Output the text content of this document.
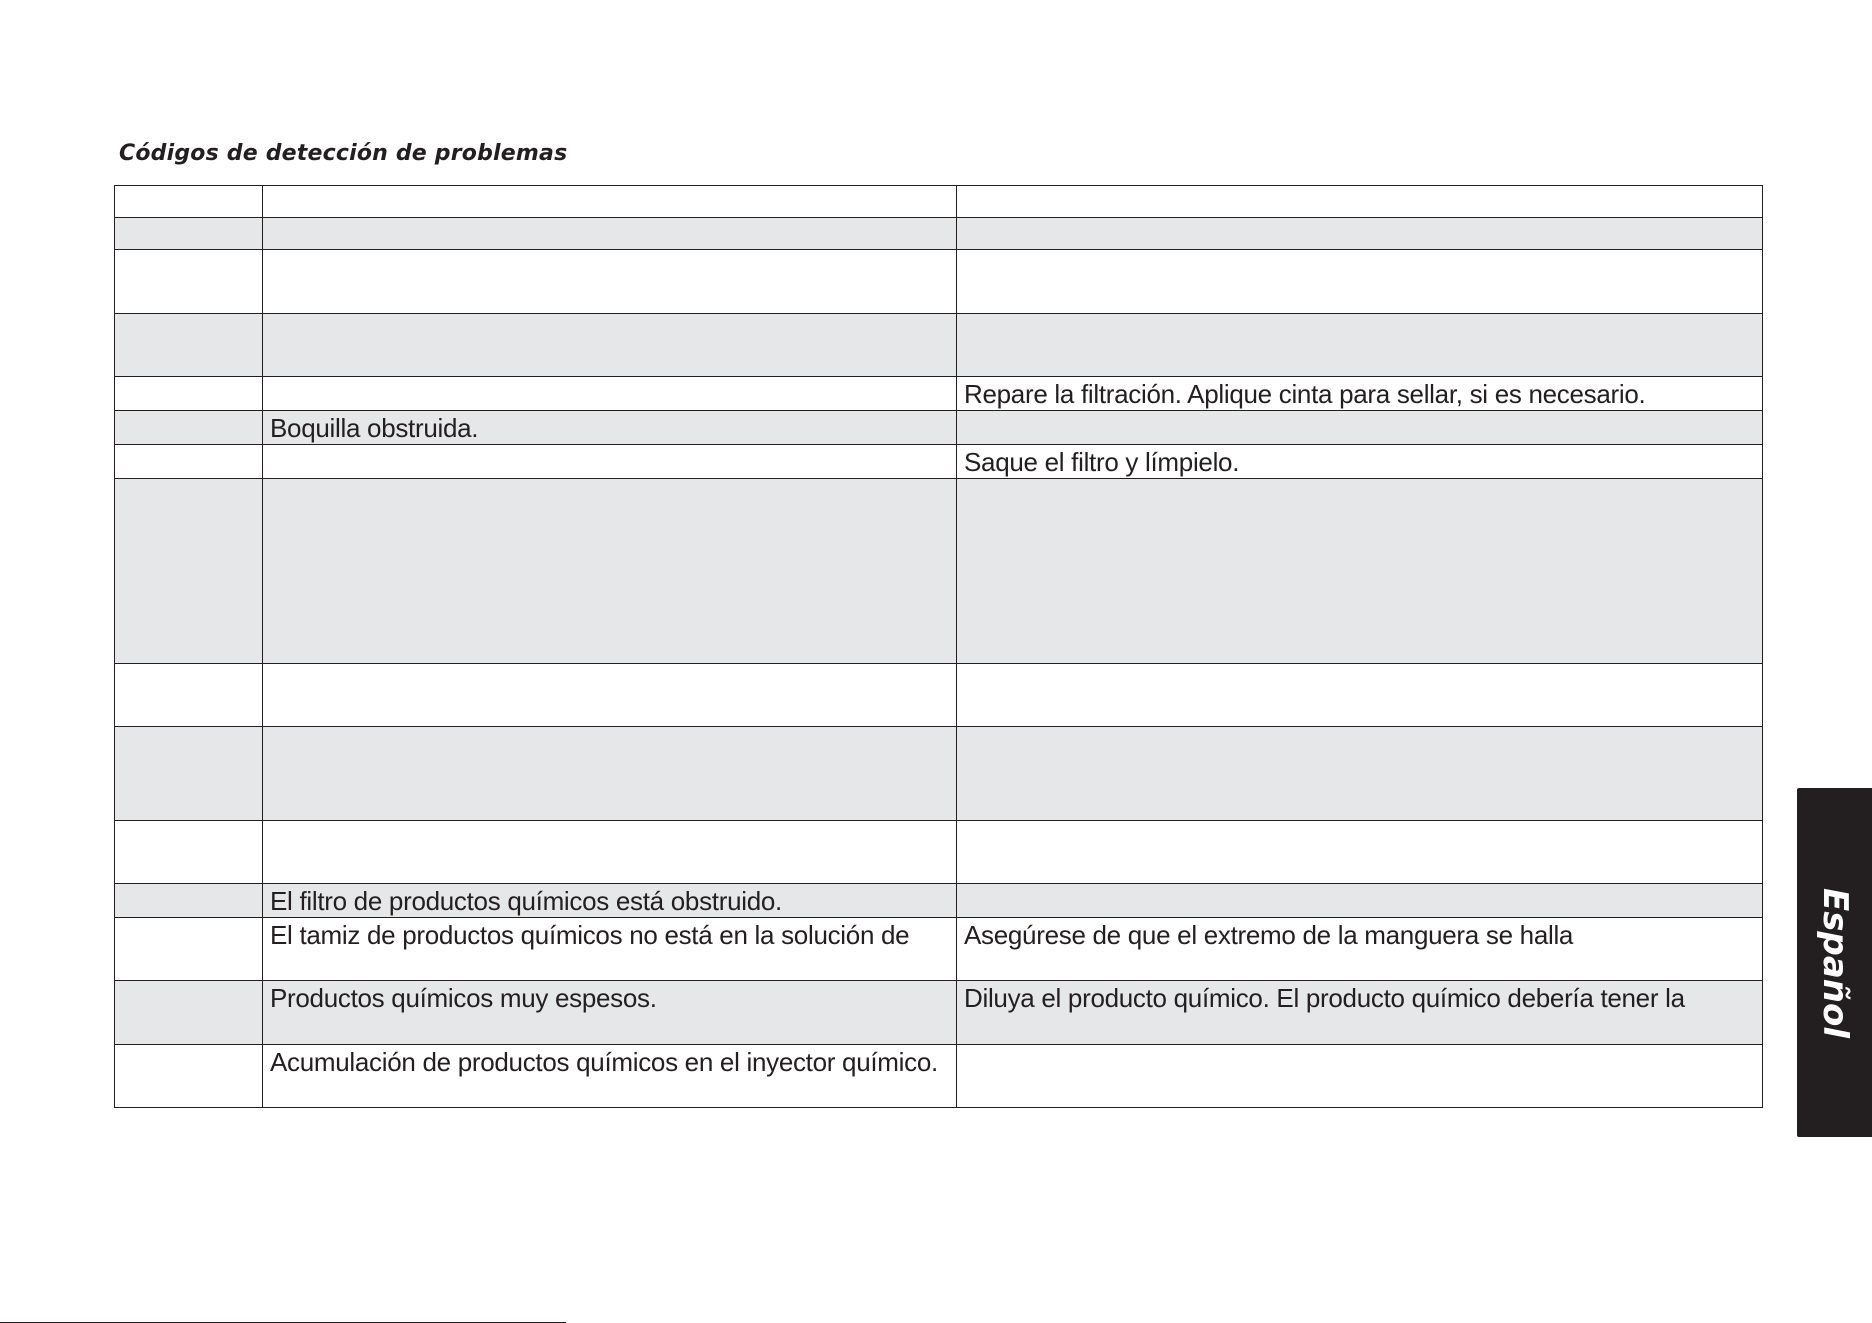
Códigos de detección de problemas

		Repare la filtración. Aplique cinta para sellar, si es necesario.
	Boquilla obstruida.	
		Saque el filtro y límpielo.

	El filtro de productos químicos está obstruido.	
	El tamiz de productos químicos no está en la solución de	Asegúrese de que el extremo de la manguera se halla
	Productos químicos muy espesos.	Diluya el producto químico. El producto químico debería tener la
	Acumulación de productos químicos en el inyector químico.	
Español
